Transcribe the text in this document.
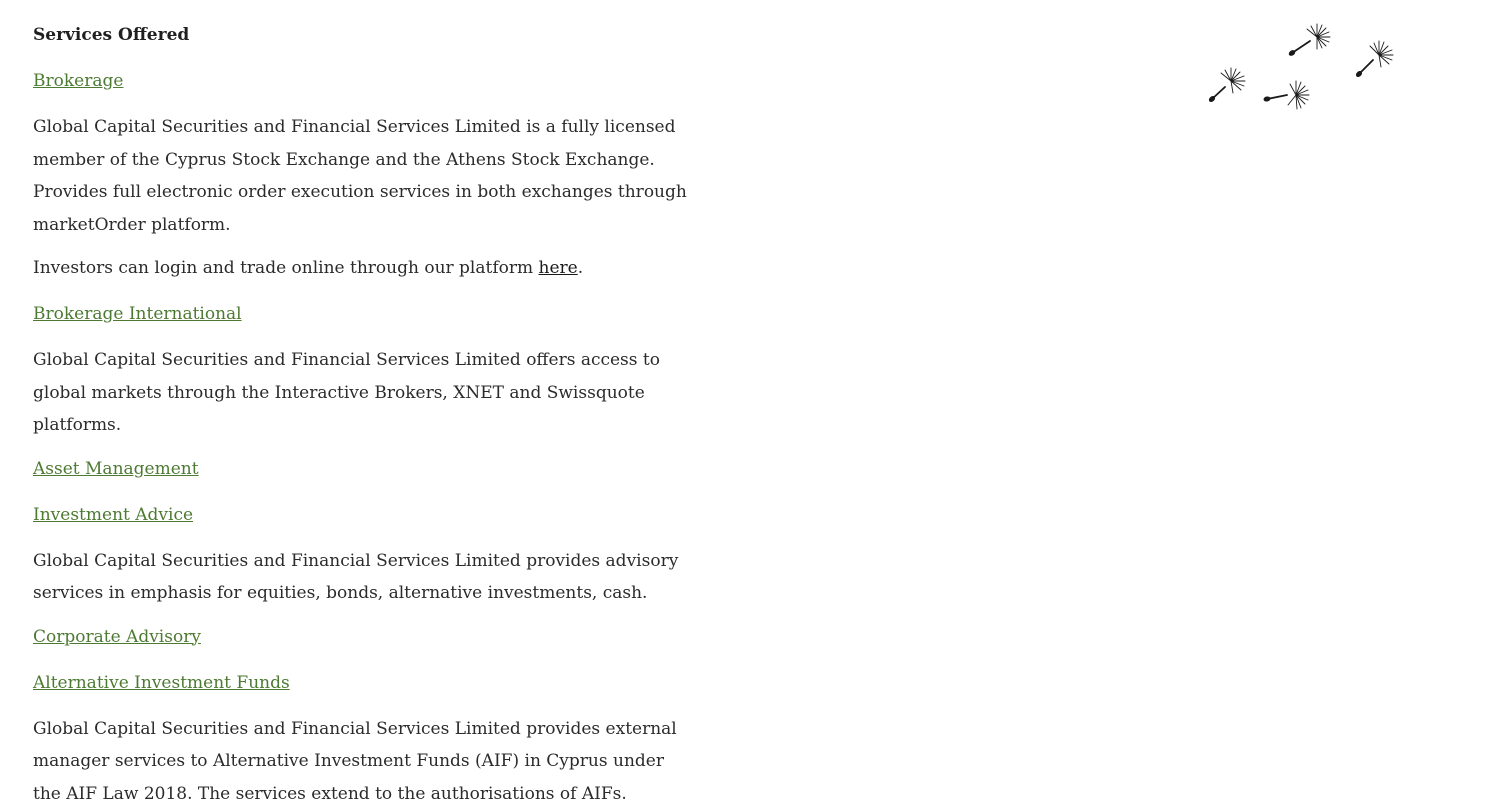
Services Offered
Brokerage

Global Capital Securities and Financial Services Limited is a fully licensed member of the Cyprus Stock Exchange and the Athens Stock Exchange. Provides full electronic order execution services in both exchanges through marketOrder platform.

Investors can login and trade online through our platform here.

Brokerage International

Global Capital Securities and Financial Services Limited offers access to global markets through the Interactive Brokers, XNET and Swissquote platforms.

Asset Management
Investment Advice

Global Capital Securities and Financial Services Limited provides advisory services in emphasis for equities, bonds, alternative investments, cash.

Corporate Advisory
Alternative Investment Funds

Global Capital Securities and Financial Services Limited provides external manager services to Alternative Investment Funds (AIF) in Cyprus under the AIF Law 2018. The services extend to the authorisations of AIFs.
